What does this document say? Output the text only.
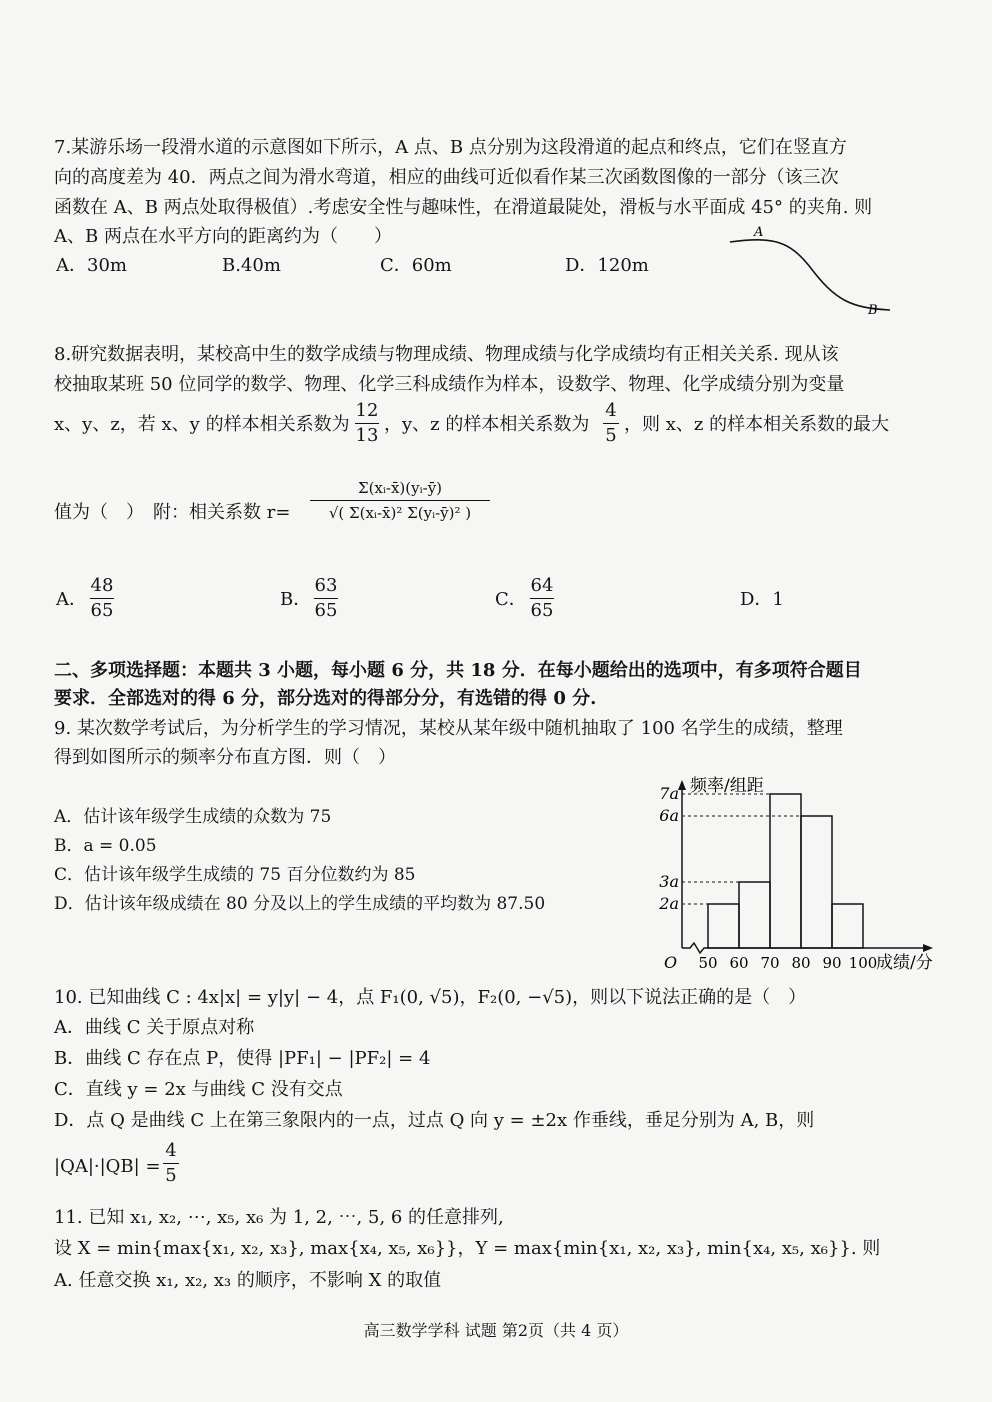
7.某游乐场一段滑水道的示意图如下所示，A 点、B 点分别为这段滑道的起点和终点，它们在竖直方
向的高度差为 40．两点之间为滑水弯道，相应的曲线可近似看作某三次函数图像的一部分（该三次
函数在 A、B 两点处取得极值）.考虑安全性与趣味性，在滑道最陡处，滑板与水平面成 45° 的夹角. 则
A、B 两点在水平方向的距离约为（　　）
A．30m	B.40m	C．60m	D．120m
A
B
8.研究数据表明，某校高中生的数学成绩与物理成绩、物理成绩与化学成绩均有正相关关系. 现从该
校抽取某班 50 位同学的数学、物理、化学三科成绩作为样本，设数学、物理、化学成绩分别为变量
x、y、z，若 x、y 的样本相关系数为
12
13
，y、z 的样本相关系数为
4
5
，则 x、z 的样本相关系数的最大
值为（　）　附：相关系数 r=
Σ(xᵢ-x̄)(yᵢ-ȳ)
√( Σ(xᵢ-x̄)² Σ(yᵢ-ȳ)² )
A．
48
65
B．
63
65
C．
64
65
D．1
二、多项选择题：本题共 3 小题，每小题 6 分，共 18 分．在每小题给出的选项中，有多项符合题目
要求．全部选对的得 6 分，部分选对的得部分分，有选错的得 0 分.
9. 某次数学考试后，为分析学生的学习情况，某校从某年级中随机抽取了 100 名学生的成绩，整理
得到如图所示的频率分布直方图．则（　）
A．估计该年级学生成绩的众数为 75
B．a = 0.05
C．估计该年级学生成绩的 75 百分位数约为 85
D．估计该年级成绩在 80 分及以上的学生成绩的平均数为 87.50	2a
3a
6a
7a
50 60 70 80 90 100
O
频率/组距
成绩/分
10. 已知曲线 C : 4x|x| = y|y| − 4，点 F₁(0, √5)，F₂(0, −√5)，则以下说法正确的是（　）
A．曲线 C 关于原点对称
B．曲线 C 存在点 P，使得 |PF₁| − |PF₂| = 4
C．直线 y = 2x 与曲线 C 没有交点
D．点 Q 是曲线 C 上在第三象限内的一点，过点 Q 向 y = ±2x 作垂线，垂足分别为 A, B，则
|QA|·|QB| =
4
5
11. 已知 x₁, x₂, ⋯, x₅, x₆ 为 1, 2, ⋯, 5, 6 的任意排列,
设 X = min{max{x₁, x₂, x₃}, max{x₄, x₅, x₆}}，Y = max{min{x₁, x₂, x₃}, min{x₄, x₅, x₆}}. 则
A. 任意交换 x₁, x₂, x₃ 的顺序，不影响 X 的取值
高三数学学科 试题 第2页（共 4 页）
